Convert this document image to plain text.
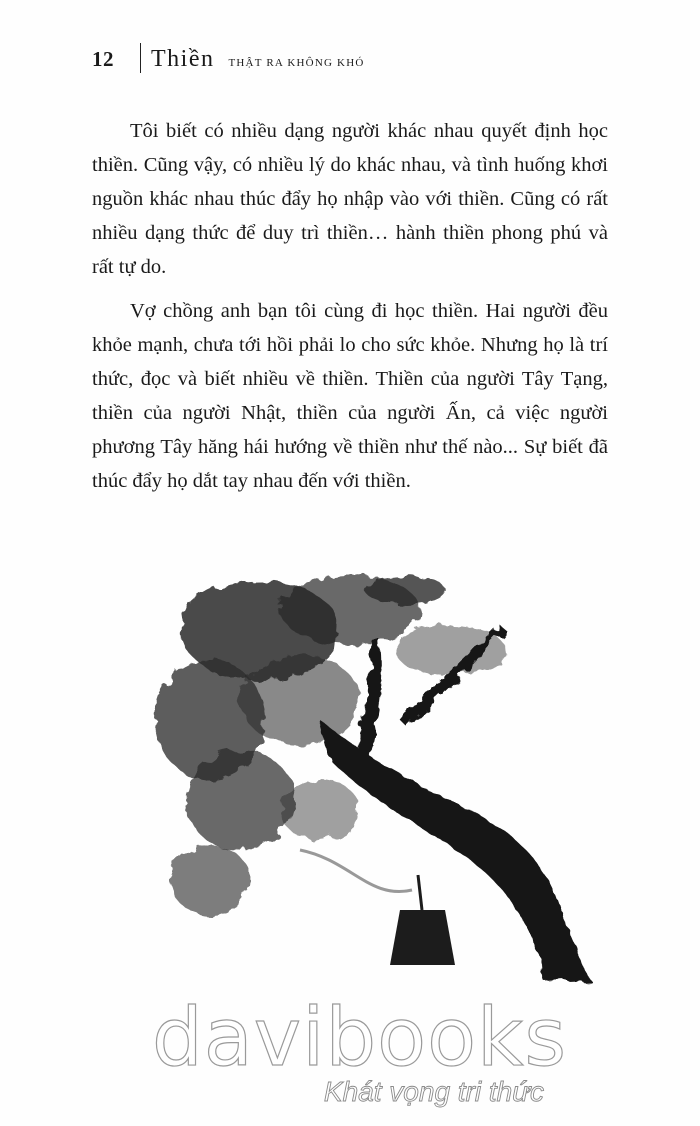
12 Thiền THẬT RA KHÔNG KHÓ

Tôi biết có nhiều dạng người khác nhau quyết định học thiền. Cũng vậy, có nhiều lý do khác nhau, và tình huống khơi nguồn khác nhau thúc đẩy họ nhập vào với thiền. Cũng có rất nhiều dạng thức để duy trì thiền… hành thiền phong phú và rất tự do.

Vợ chồng anh bạn tôi cùng đi học thiền. Hai người đều khỏe mạnh, chưa tới hồi phải lo cho sức khỏe. Nhưng họ là trí thức, đọc và biết nhiều về thiền. Thiền của người Tây Tạng, thiền của người Nhật, thiền của người Ấn, cả việc người phương Tây hăng hái hướng về thiền như thế nào... Sự biết đã thúc đẩy họ dắt tay nhau đến với thiền.

davibooks
Khát vọng tri thức
